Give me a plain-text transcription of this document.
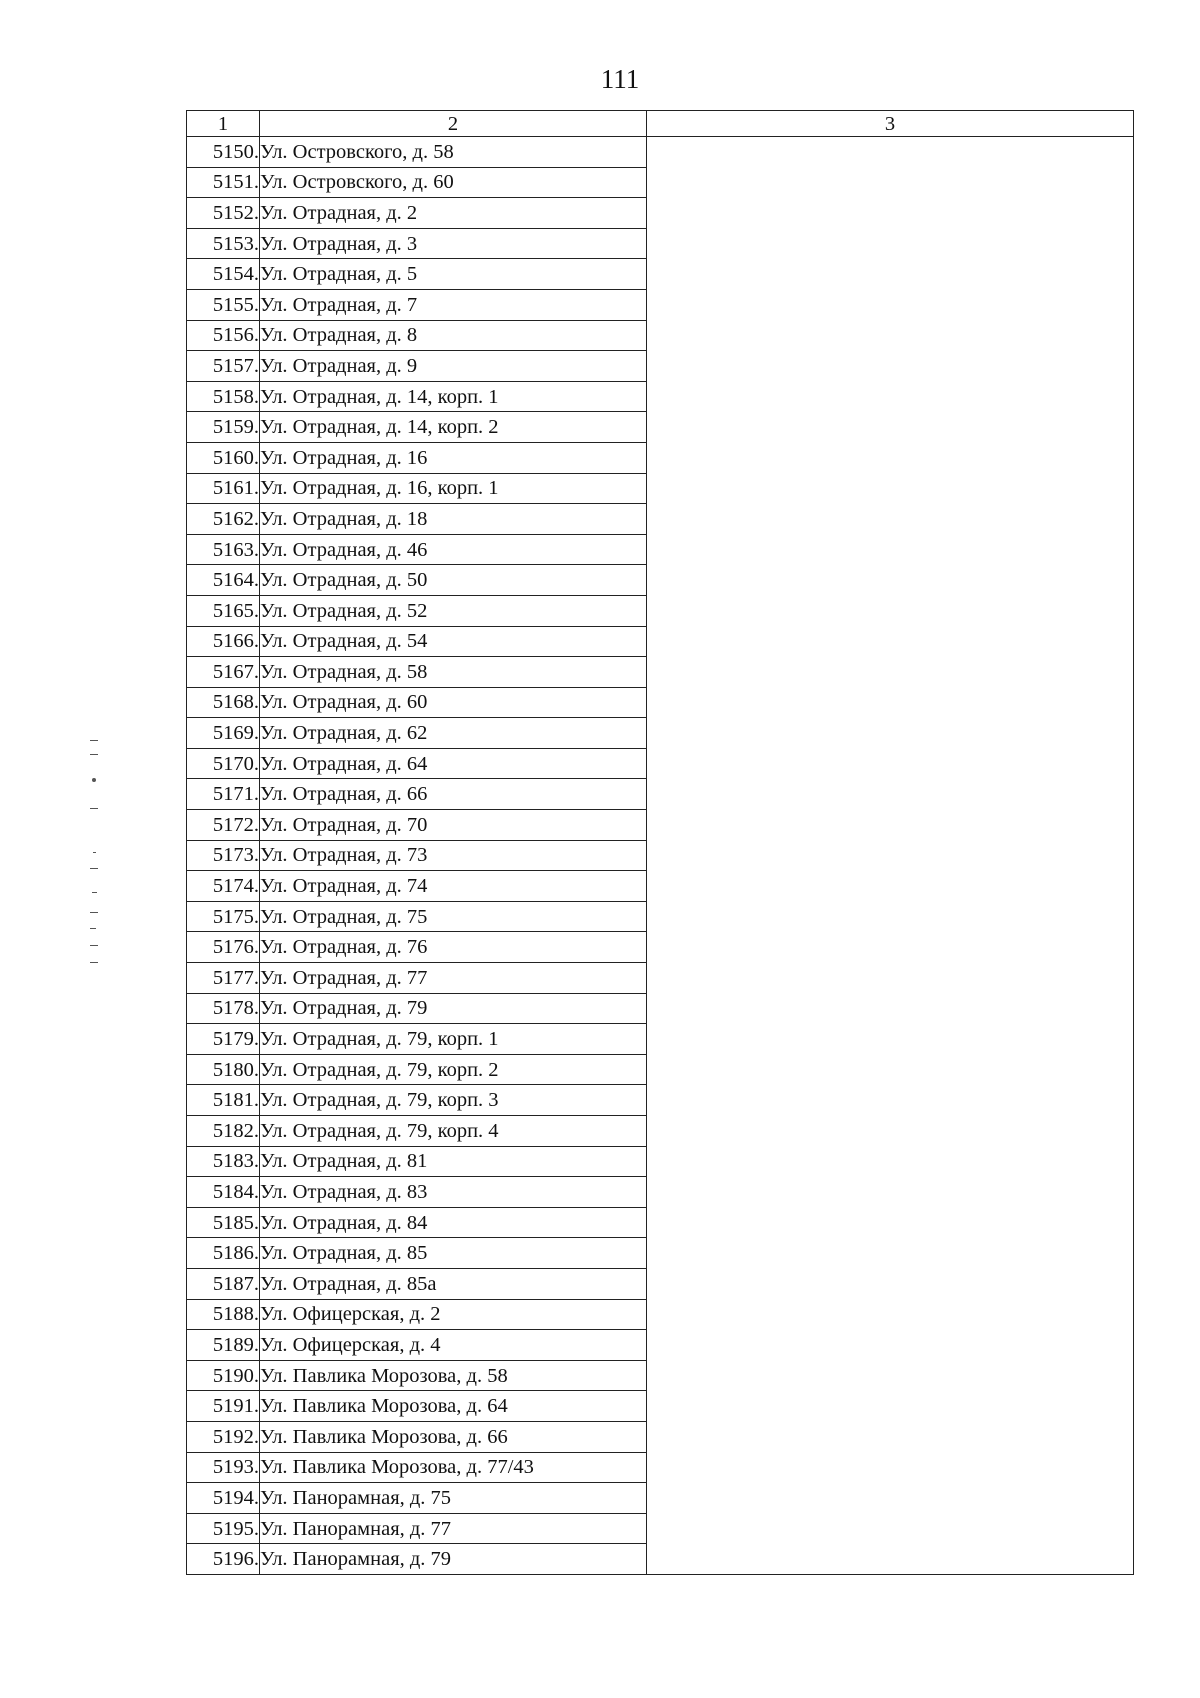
111
1	2	3
5150.	Ул. Островского, д. 58	
5151.	Ул. Островского, д. 60	
5152.	Ул. Отрадная, д. 2	
5153.	Ул. Отрадная, д. 3	
5154.	Ул. Отрадная, д. 5	
5155.	Ул. Отрадная, д. 7	
5156.	Ул. Отрадная, д. 8	
5157.	Ул. Отрадная, д. 9	
5158.	Ул. Отрадная, д. 14, корп. 1	
5159.	Ул. Отрадная, д. 14, корп. 2	
5160.	Ул. Отрадная, д. 16	
5161.	Ул. Отрадная, д. 16, корп. 1	
5162.	Ул. Отрадная, д. 18	
5163.	Ул. Отрадная, д. 46	
5164.	Ул. Отрадная, д. 50	
5165.	Ул. Отрадная, д. 52	
5166.	Ул. Отрадная, д. 54	
5167.	Ул. Отрадная, д. 58	
5168.	Ул. Отрадная, д. 60	
5169.	Ул. Отрадная, д. 62	
5170.	Ул. Отрадная, д. 64	
5171.	Ул. Отрадная, д. 66	
5172.	Ул. Отрадная, д. 70	
5173.	Ул. Отрадная, д. 73	
5174.	Ул. Отрадная, д. 74	
5175.	Ул. Отрадная, д. 75	
5176.	Ул. Отрадная, д. 76	
5177.	Ул. Отрадная, д. 77	
5178.	Ул. Отрадная, д. 79	
5179.	Ул. Отрадная, д. 79, корп. 1	
5180.	Ул. Отрадная, д. 79, корп. 2	
5181.	Ул. Отрадная, д. 79, корп. 3	
5182.	Ул. Отрадная, д. 79, корп. 4	
5183.	Ул. Отрадная, д. 81	
5184.	Ул. Отрадная, д. 83	
5185.	Ул. Отрадная, д. 84	
5186.	Ул. Отрадная, д. 85	
5187.	Ул. Отрадная, д. 85а	
5188.	Ул. Офицерская, д. 2	
5189.	Ул. Офицерская, д. 4	
5190.	Ул. Павлика Морозова, д. 58	
5191.	Ул. Павлика Морозова, д. 64	
5192.	Ул. Павлика Морозова, д. 66	
5193.	Ул. Павлика Морозова, д. 77/43	
5194.	Ул. Панорамная, д. 75	
5195.	Ул. Панорамная, д. 77	
5196.	Ул. Панорамная, д. 79	
